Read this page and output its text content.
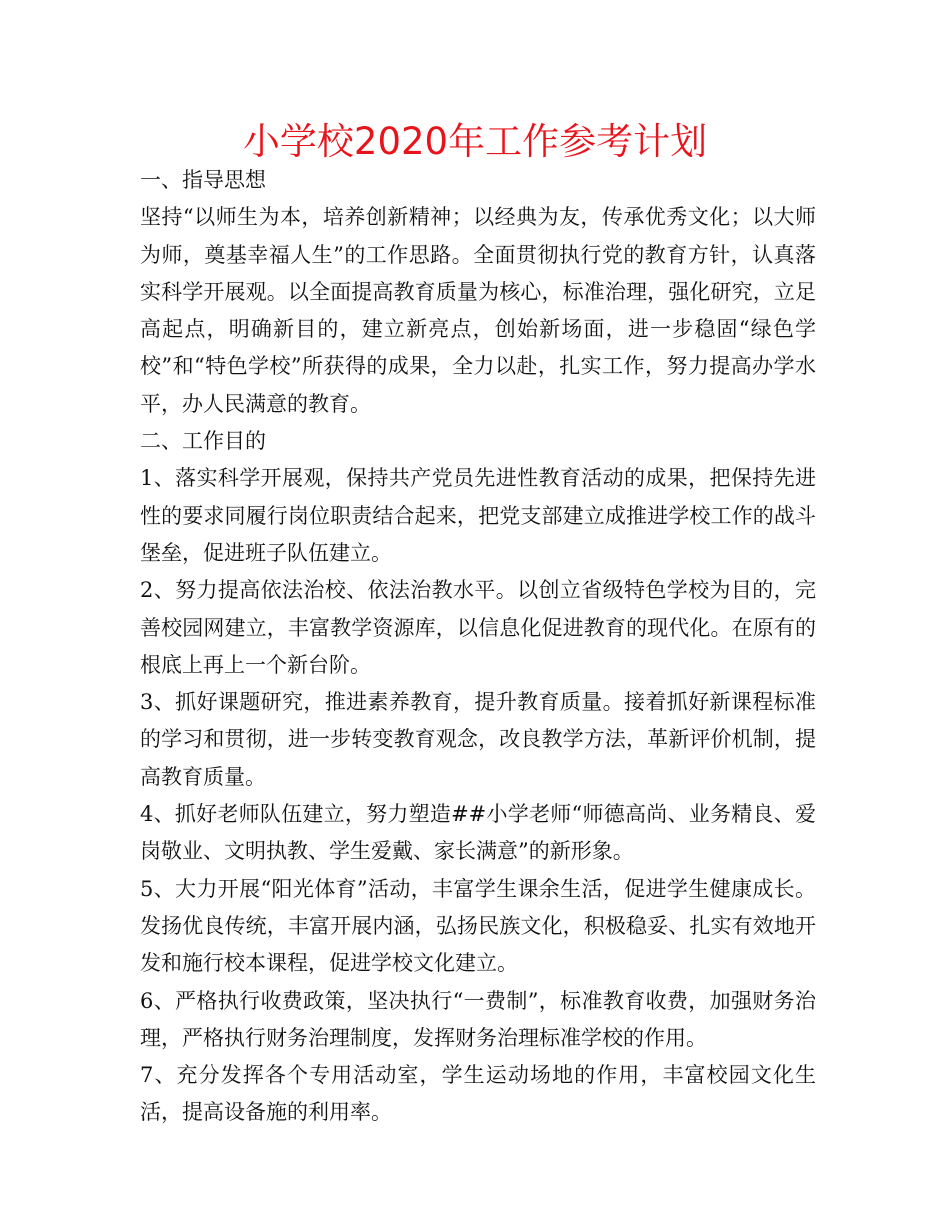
小学校2020年工作参考计划

一、指导思想

坚持“以师生为本，培养创新精神；以经典为友，传承优秀文化；以大师为师，奠基幸福人生”的工作思路。全面贯彻执行党的教育方针，认真落实科学开展观。以全面提高教育质量为核心，标准治理，强化研究，立足高起点，明确新目的，建立新亮点，创始新场面，进一步稳固“绿色学校”和“特色学校”所获得的成果，全力以赴，扎实工作，努力提高办学水平，办人民满意的教育。

二、工作目的

1、落实科学开展观，保持共产党员先进性教育活动的成果，把保持先进性的要求同履行岗位职责结合起来，把党支部建立成推进学校工作的战斗堡垒，促进班子队伍建立。

2、努力提高依法治校、依法治教水平。以创立省级特色学校为目的，完善校园网建立，丰富教学资源库，以信息化促进教育的现代化。在原有的根底上再上一个新台阶。

3、抓好课题研究，推进素养教育，提升教育质量。接着抓好新课程标准的学习和贯彻，进一步转变教育观念，改良教学方法，革新评价机制，提高教育质量。

4、抓好老师队伍建立，努力塑造##小学老师“师德高尚、业务精良、爱岗敬业、文明执教、学生爱戴、家长满意”的新形象。

5、大力开展“阳光体育”活动，丰富学生课余生活，促进学生健康成长。发扬优良传统，丰富开展内涵，弘扬民族文化，积极稳妥、扎实有效地开发和施行校本课程，促进学校文化建立。

6、严格执行收费政策，坚决执行“一费制”，标准教育收费，加强财务治理，严格执行财务治理制度，发挥财务治理标准学校的作用。

7、充分发挥各个专用活动室，学生运动场地的作用，丰富校园文化生活，提高设备施的利用率。
